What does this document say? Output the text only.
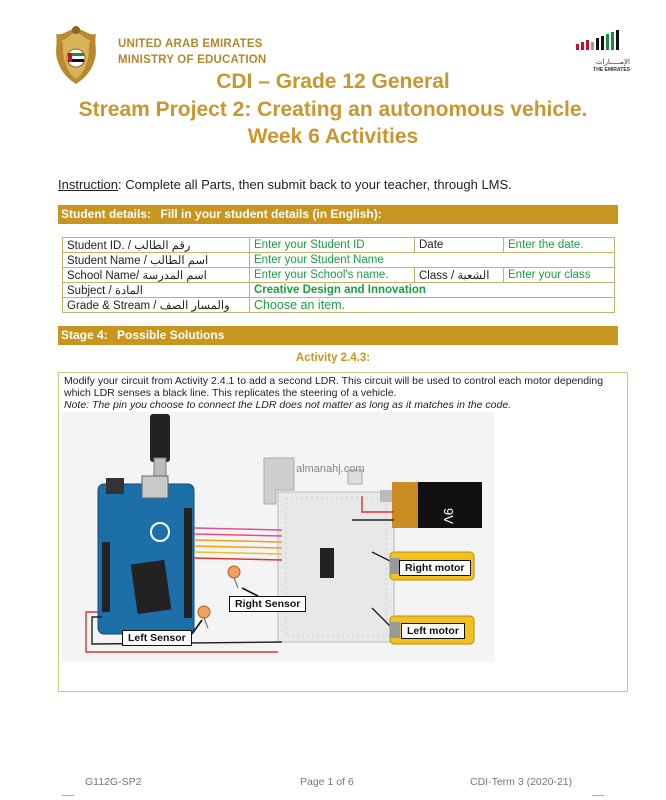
UNITED ARAB EMIRATES
MINISTRY OF EDUCATION	الإمـــــارات
THE EMIRATES
CDI – Grade 12 General
Stream Project 2: Creating an autonomous vehicle.
Week 6 Activities
Instruction: Complete all Parts, then submit back to your teacher, through LMS.
Student details: Fill in your student details (in English):
Student ID. / رقم الطالب	Enter your Student ID	Date	Enter the date.
Student Name / اسم الطالب	Enter your Student Name		
School Name/ اسم المدرسة	Enter your School's name.	Class / الشعبة	Enter your class
Subject / المادة	Creative Design and Innovation		
Grade & Stream / والمسار الصف	Choose an item.		
Stage 4: Possible Solutions
Activity 2.4.3:
Modify your circuit from Activity 2.4.1 to add a second LDR. This circuit will be used to control each motor depending which LDR senses a black line. This replicates the steering of a vehicle.
Note: The pin you choose to connect the LDR does not matter as long as it matches in the code.
almanahj.com
9V
Right motor
Left motor
Right Sensor
Left Sensor
G112G-SP2	Page 1 of 6	CDI-Term 3 (2020-21)
